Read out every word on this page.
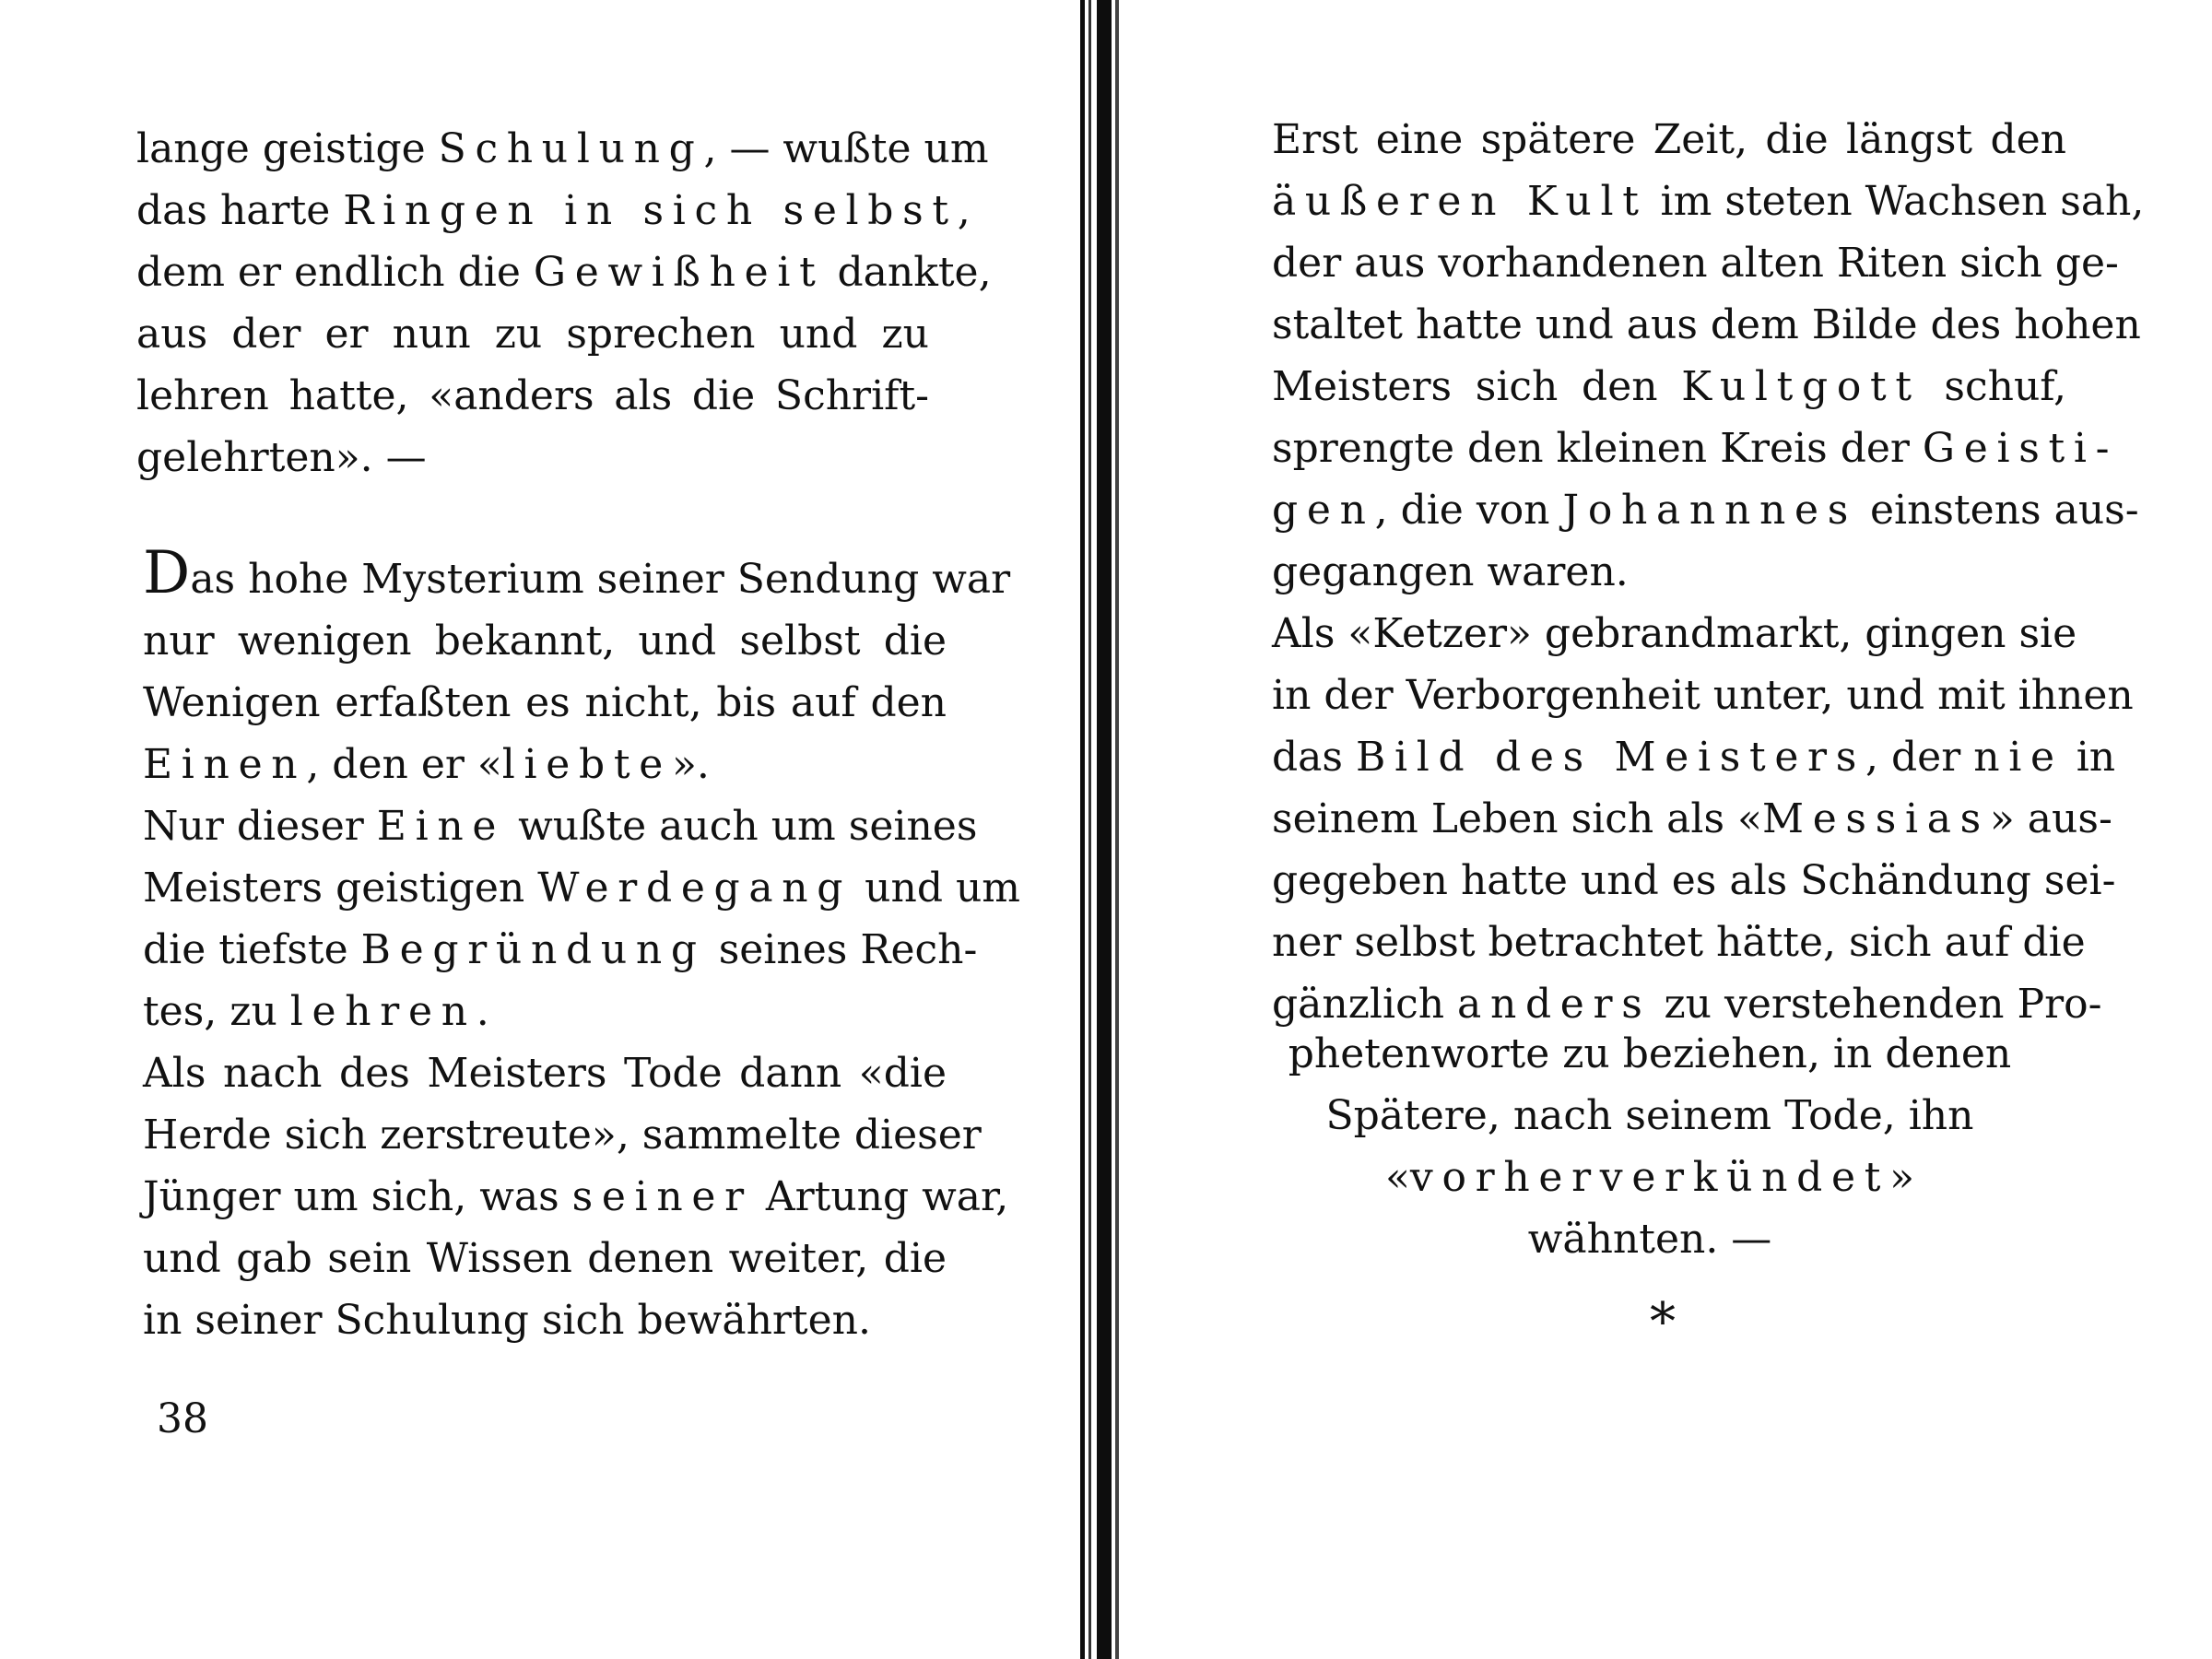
lange geistige Schulung, — wußte um
das harte Ringen in sich selbst,
dem er endlich die Gewißheit dankte,
aus der er nun zu sprechen und zu
lehren hatte, «anders als die Schrift-
gelehrten». —
Das hohe Mysterium seiner Sendung war
nur wenigen bekannt, und selbst die
Wenigen erfaßten es nicht, bis auf den
Einen, den er «liebte».
Nur dieser Eine wußte auch um seines
Meisters geistigen Werdegang und um
die tiefste Begründung seines Rech-
tes, zu lehren.
Als nach des Meisters Tode dann «die
Herde sich zerstreute», sammelte dieser
Jünger um sich, was seiner Artung war,
und gab sein Wissen denen weiter, die
in seiner Schulung sich bewährten.
38
Erst eine spätere Zeit, die längst den
äußeren Kult im steten Wachsen sah,
der aus vorhandenen alten Riten sich ge-
staltet hatte und aus dem Bilde des hohen
Meisters sich den Kultgott schuf,
sprengte den kleinen Kreis der Geisti-
gen, die von Johannnes einstens aus-
gegangen waren.
Als «Ketzer» gebrandmarkt, gingen sie
in der Verborgenheit unter, und mit ihnen
das Bild des Meisters, der nie in
seinem Leben sich als «Messias» aus-
gegeben hatte und es als Schändung sei-
ner selbst betrachtet hätte, sich auf die
gänzlich anders zu verstehenden Pro-
phetenworte zu beziehen, in denen
Spätere, nach seinem Tode, ihn
«vorherverkündet»
wähnten. —
*
